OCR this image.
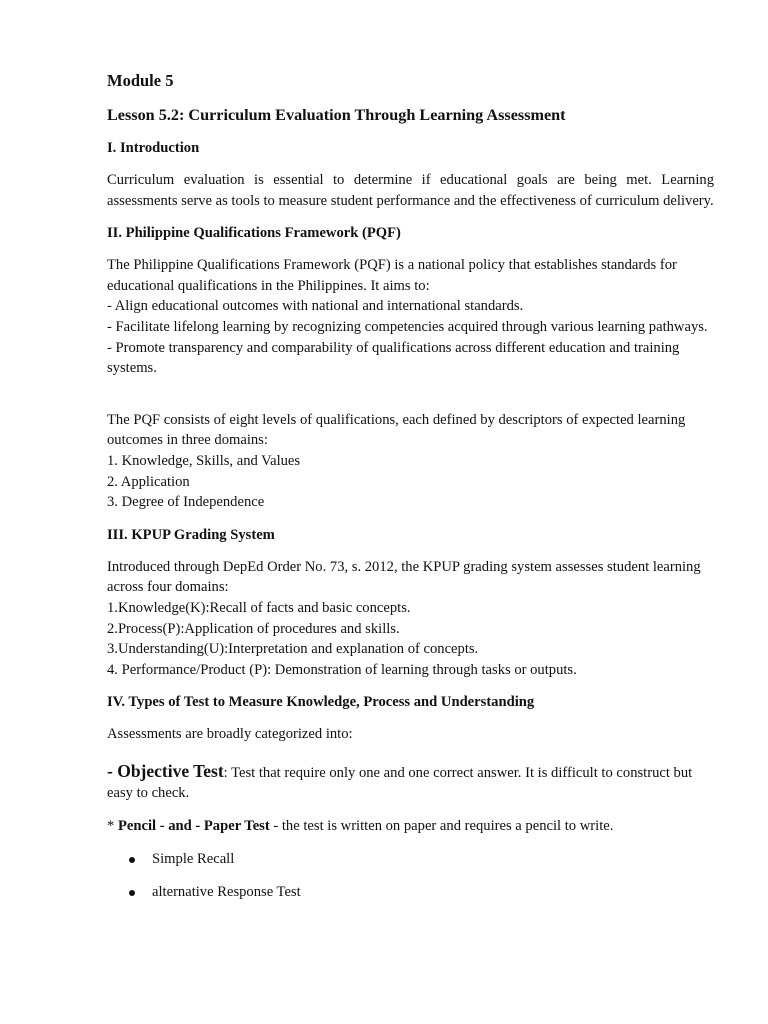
Module 5
Lesson 5.2: Curriculum Evaluation Through Learning Assessment
I. Introduction
Curriculum evaluation is essential to determine if educational goals are being met. Learning assessments serve as tools to measure student performance and the effectiveness of curriculum delivery.
II. Philippine Qualifications Framework (PQF)
The Philippine Qualifications Framework (PQF) is a national policy that establishes standards for educational qualifications in the Philippines. It aims to:
- Align educational outcomes with national and international standards.
- Facilitate lifelong learning by recognizing competencies acquired through various learning pathways.
- Promote transparency and comparability of qualifications across different education and training systems.
The PQF consists of eight levels of qualifications, each defined by descriptors of expected learning outcomes in three domains:
1. Knowledge, Skills, and Values
2. Application
3. Degree of Independence
III. KPUP Grading System
Introduced through DepEd Order No. 73, s. 2012, the KPUP grading system assesses student learning across four domains:
1.Knowledge(K):Recall of facts and basic concepts.
2.Process(P):Application of procedures and skills.
3.Understanding(U):Interpretation and explanation of concepts.
4. Performance/Product (P): Demonstration of learning through tasks or outputs.
IV. Types of Test to Measure Knowledge, Process and Understanding
Assessments are broadly categorized into:
- Objective Test: Test that require only one and one correct answer. It is difficult to construct but easy to check.
* Pencil - and - Paper Test - the test is written on paper and requires a pencil to write.
Simple Recall
alternative Response Test
